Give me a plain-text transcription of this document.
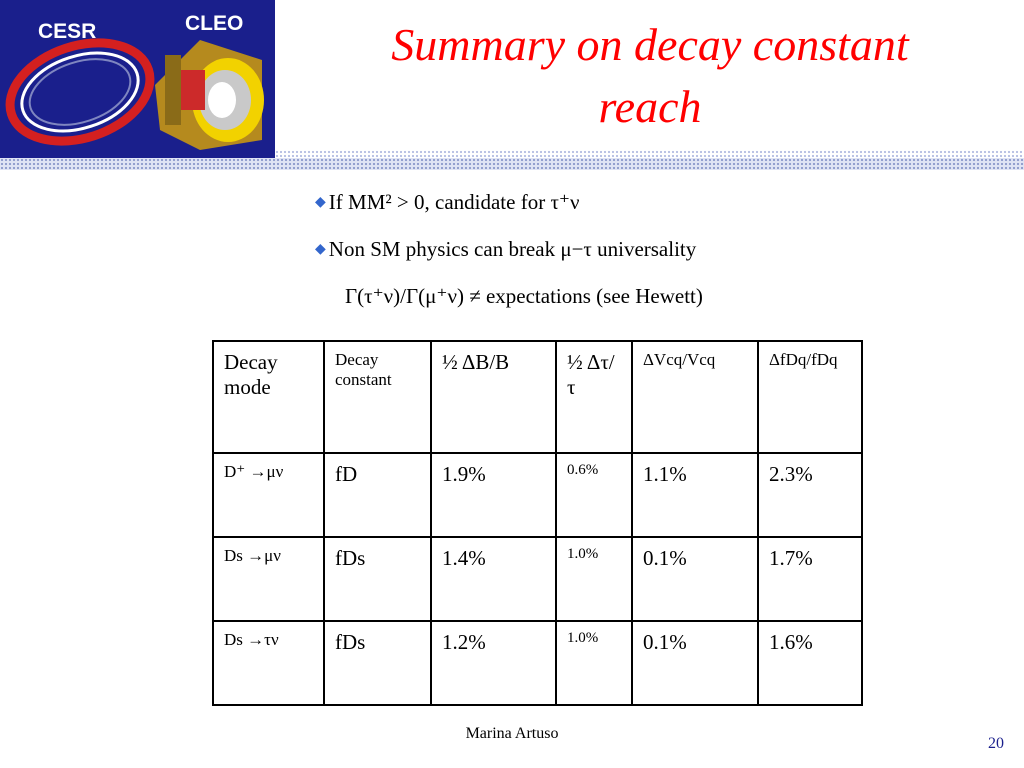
CESR	CLEO	Summary on decay constant
reach
◆ If MM² > 0, candidate for τ⁺ν
◆ Non SM physics can break μ−τ universality
Γ(τ⁺ν)/Γ(μ⁺ν) ≠ expectations (see Hewett)
Decay mode	Decay constant	½ ΔB/B	½ Δτ/τ	ΔVcq/Vcq	ΔfDq/fDq
D⁺ →μν	fD	1.9%	0.6%	1.1%	2.3%
Ds →μν	fDs	1.4%	1.0%	0.1%	1.7%
Ds →τν	fDs	1.2%	1.0%	0.1%	1.6%
Marina Artuso
20
